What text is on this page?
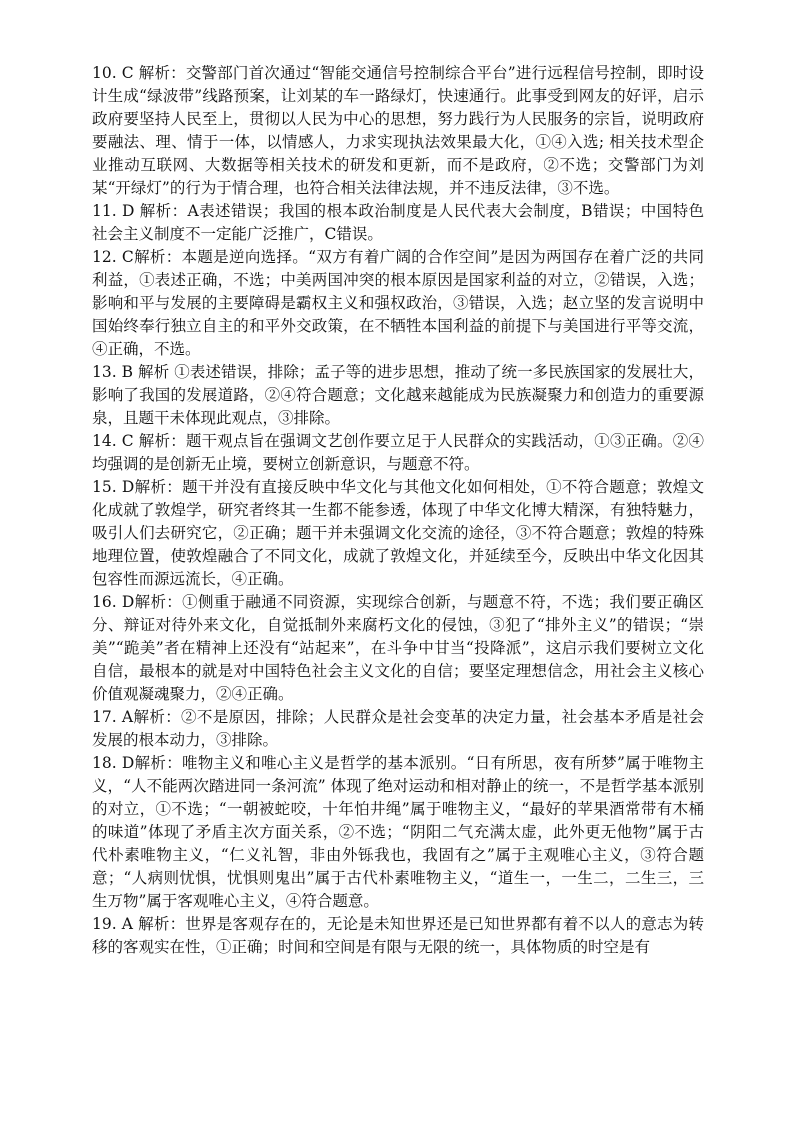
10. C 解析：交警部门首次通过“智能交通信号控制综合平台”进行远程信号控制，即时设计生成“绿波带”线路预案，让刘某的车一路绿灯，快速通行。此事受到网友的好评，启示政府要坚持人民至上，贯彻以人民为中心的思想，努力践行为人民服务的宗旨，说明政府要融法、理、情于一体，以情感人，力求实现执法效果最大化，①④入选; 相关技术型企业推动互联网、大数据等相关技术的研发和更新，而不是政府，②不选；交警部门为刘某“开绿灯”的行为于情合理，也符合相关法律法规，并不违反法律，③不选。

11. D 解析：A表述错误；我国的根本政治制度是人民代表大会制度，B错误；中国特色社会主义制度不一定能广泛推广，C错误。

12. C解析：本题是逆向选择。“双方有着广阔的合作空间”是因为两国存在着广泛的共同利益，①表述正确，不选；中美两国冲突的根本原因是国家利益的对立，②错误，入选；影响和平与发展的主要障碍是霸权主义和强权政治，③错误，入选；赵立坚的发言说明中国始终奉行独立自主的和平外交政策，在不牺牲本国利益的前提下与美国进行平等交流，④正确，不选。

13. B 解析 ①表述错误，排除；孟子等的进步思想，推动了统一多民族国家的发展壮大，影响了我国的发展道路，②④符合题意；文化越来越能成为民族凝聚力和创造力的重要源泉，且题干未体现此观点，③排除。

14. C 解析：题干观点旨在强调文艺创作要立足于人民群众的实践活动，①③正确。②④均强调的是创新无止境，要树立创新意识，与题意不符。

15. D解析：题干并没有直接反映中华文化与其他文化如何相处，①不符合题意；敦煌文化成就了敦煌学，研究者终其一生都不能参透，体现了中华文化博大精深，有独特魅力，吸引人们去研究它，②正确；题干并未强调文化交流的途径，③不符合题意；敦煌的特殊地理位置，使敦煌融合了不同文化，成就了敦煌文化，并延续至今，反映出中华文化因其包容性而源远流长，④正确。

16. D解析：①侧重于融通不同资源，实现综合创新，与题意不符，不选；我们要正确区分、辩证对待外来文化，自觉抵制外来腐朽文化的侵蚀，③犯了“排外主义”的错误；“崇美”“跪美”者在精神上还没有“站起来”，在斗争中甘当“投降派”，这启示我们要树立文化自信，最根本的就是对中国特色社会主义文化的自信；要坚定理想信念，用社会主义核心价值观凝魂聚力，②④正确。

17. A解析：②不是原因，排除；人民群众是社会变革的决定力量，社会基本矛盾是社会发展的根本动力，③排除。

18. D解析：唯物主义和唯心主义是哲学的基本派别。“日有所思，夜有所梦”属于唯物主义，“人不能两次踏进同一条河流” 体现了绝对运动和相对静止的统一，不是哲学基本派别的对立，①不选；“一朝被蛇咬，十年怕井绳”属于唯物主义，“最好的苹果酒常带有木桶的味道”体现了矛盾主次方面关系，②不选；“阴阳二气充满太虚，此外更无他物”属于古代朴素唯物主义，“仁义礼智，非由外铄我也，我固有之”属于主观唯心主义，③符合题意；“人病则忧惧，忧惧则鬼出”属于古代朴素唯物主义，“道生一，一生二，二生三，三生万物”属于客观唯心主义，④符合题意。

19. A 解析：世界是客观存在的，无论是未知世界还是已知世界都有着不以人的意志为转移的客观实在性，①正确；时间和空间是有限与无限的统一，具体物质的时空是有
